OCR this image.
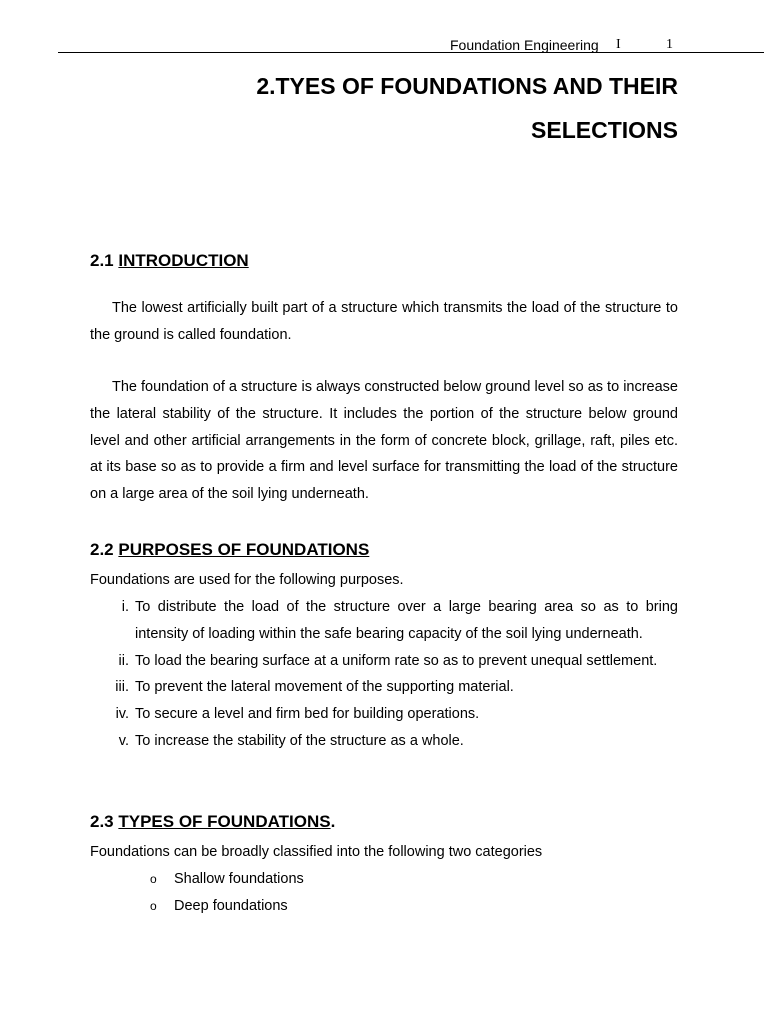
Foundation Engineering I	1
2.TYES OF FOUNDATIONS AND THEIR
SELECTIONS
2.1 INTRODUCTION

The lowest artificially built part of a structure which transmits the load of the structure to the ground is called foundation.

The foundation of a structure is always constructed below ground level so as to increase the lateral stability of the structure. It includes the portion of the structure below ground level and other artificial arrangements in the form of concrete block, grillage, raft, piles etc. at its base so as to provide a firm and level surface for transmitting the load of the structure on a large area of the soil lying underneath.

2.2 PURPOSES OF FOUNDATIONS

Foundations are used for the following purposes.

i. To distribute the load of the structure over a large bearing area so as to bring intensity of loading within the safe bearing capacity of the soil lying underneath.
ii. To load the bearing surface at a uniform rate so as to prevent unequal settlement.
iii. To prevent the lateral movement of the supporting material.
iv. To secure a level and firm bed for building operations.
v. To increase the stability of the structure as a whole.
2.3 TYPES OF FOUNDATIONS.

Foundations can be broadly classified into the following two categories

o Shallow foundations
o Deep foundations
